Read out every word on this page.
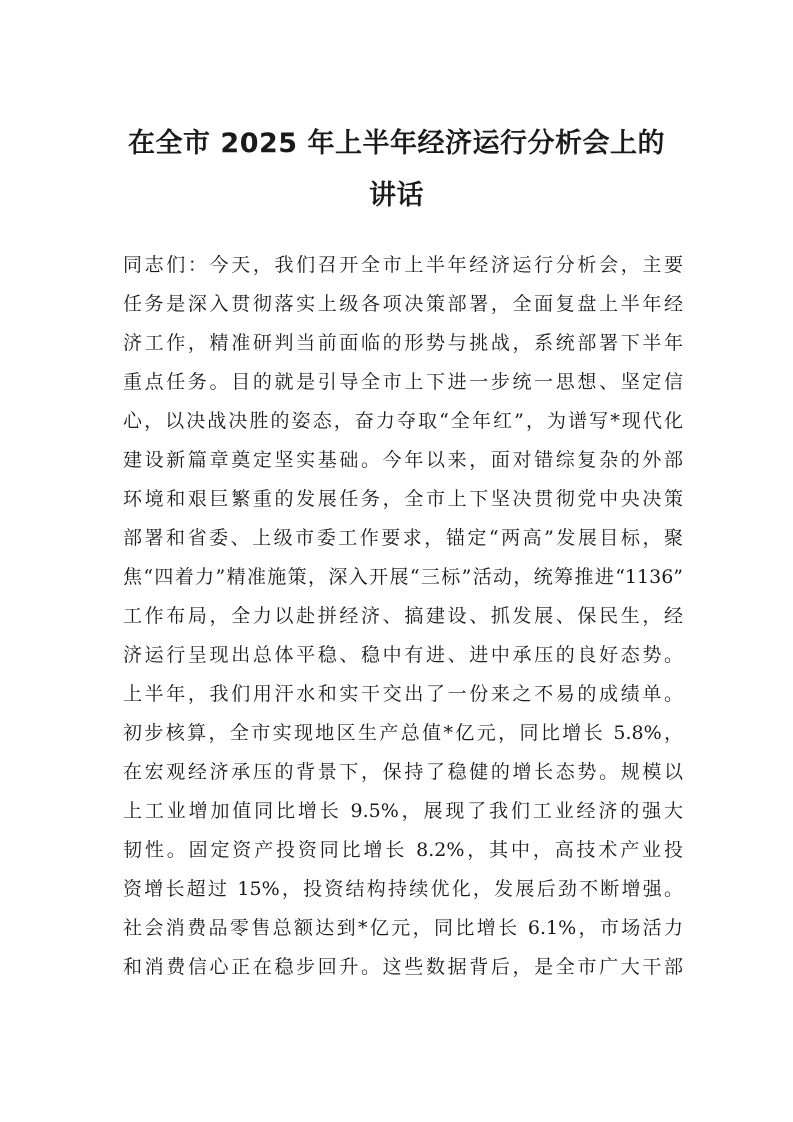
在全市 2025 年上半年经济运行分析会上的
讲话
同志们：今天，我们召开全市上半年经济运行分析会，主要
任务是深入贯彻落实上级各项决策部署，全面复盘上半年经
济工作，精准研判当前面临的形势与挑战，系统部署下半年
重点任务。目的就是引导全市上下进一步统一思想、坚定信
心，以决战决胜的姿态，奋力夺取“全年红”，为谱写*现代化
建设新篇章奠定坚实基础。今年以来，面对错综复杂的外部
环境和艰巨繁重的发展任务，全市上下坚决贯彻党中央决策
部署和省委、上级市委工作要求，锚定“两高”发展目标，聚
焦“四着力”精准施策，深入开展“三标”活动，统筹推进“1136”
工作布局，全力以赴拼经济、搞建设、抓发展、保民生，经
济运行呈现出总体平稳、稳中有进、进中承压的良好态势。
上半年，我们用汗水和实干交出了一份来之不易的成绩单。
初步核算，全市实现地区生产总值*亿元，同比增长 5.8%，
在宏观经济承压的背景下，保持了稳健的增长态势。规模以
上工业增加值同比增长 9.5%，展现了我们工业经济的强大
韧性。固定资产投资同比增长 8.2%，其中，高技术产业投
资增长超过 15%，投资结构持续优化，发展后劲不断增强。
社会消费品零售总额达到*亿元，同比增长 6.1%，市场活力
和消费信心正在稳步回升。这些数据背后，是全市广大干部
